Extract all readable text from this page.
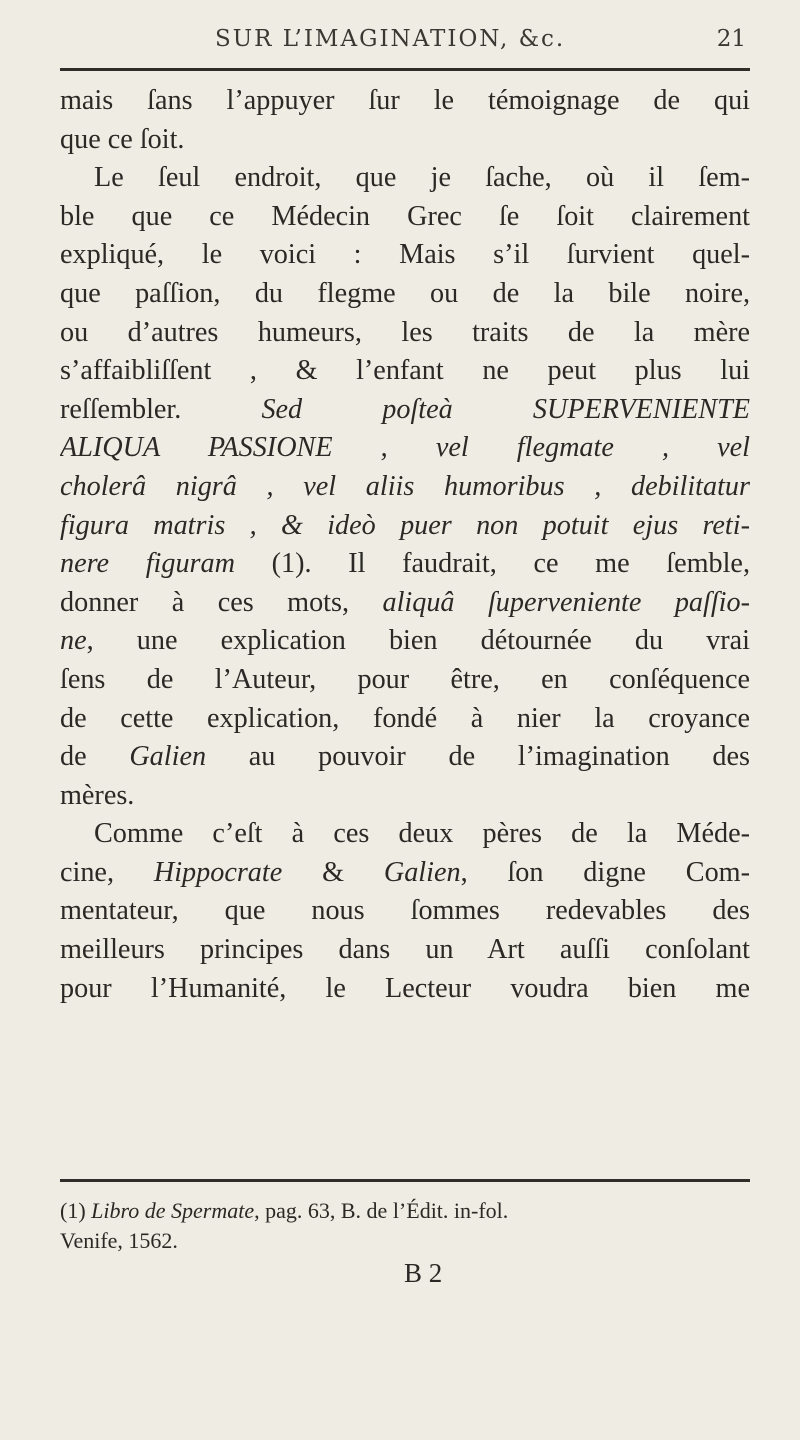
SUR L’IMAGINATION, &c.	21
mais ſans l’appuyer ſur le témoignage de qui
que ce ſoit.
Le ſeul endroit, que je ſache, où il ſem-
ble que ce Médecin Grec ſe ſoit clairement
expliqué, le voici : Mais s’il ſurvient quel-
que paſſion, du flegme ou de la bile noire,
ou d’autres humeurs, les traits de la mère
s’affaibliſſent , & l’enfant ne peut plus lui
reſſembler.	Sed poſteà SUPERVENIENTE
ALIQUA PASSIONE , vel flegmate , vel
cholerâ nigrâ , vel aliis humoribus , debilitatur
figura matris , & ideò puer non potuit ejus reti-
nere figuram (1). Il faudrait, ce me ſemble,
donner à ces mots, aliquâ ſuperveniente paſſio-
ne, une explication bien détournée du vrai
ſens de l’Auteur, pour être, en conſéquence
de cette explication, fondé à nier la croyance
de Galien au pouvoir de l’imagination des
mères.
Comme c’eſt à ces deux pères de la Méde-
cine, Hippocrate & Galien, ſon digne Com-
mentateur, que nous ſommes redevables des
meilleurs principes dans un Art auſſi conſolant
pour l’Humanité, le Lecteur voudra bien me
(1) Libro de Spermate, pag. 63, B. de l’Édit. in-fol.
Venife, 1562.
B 2
